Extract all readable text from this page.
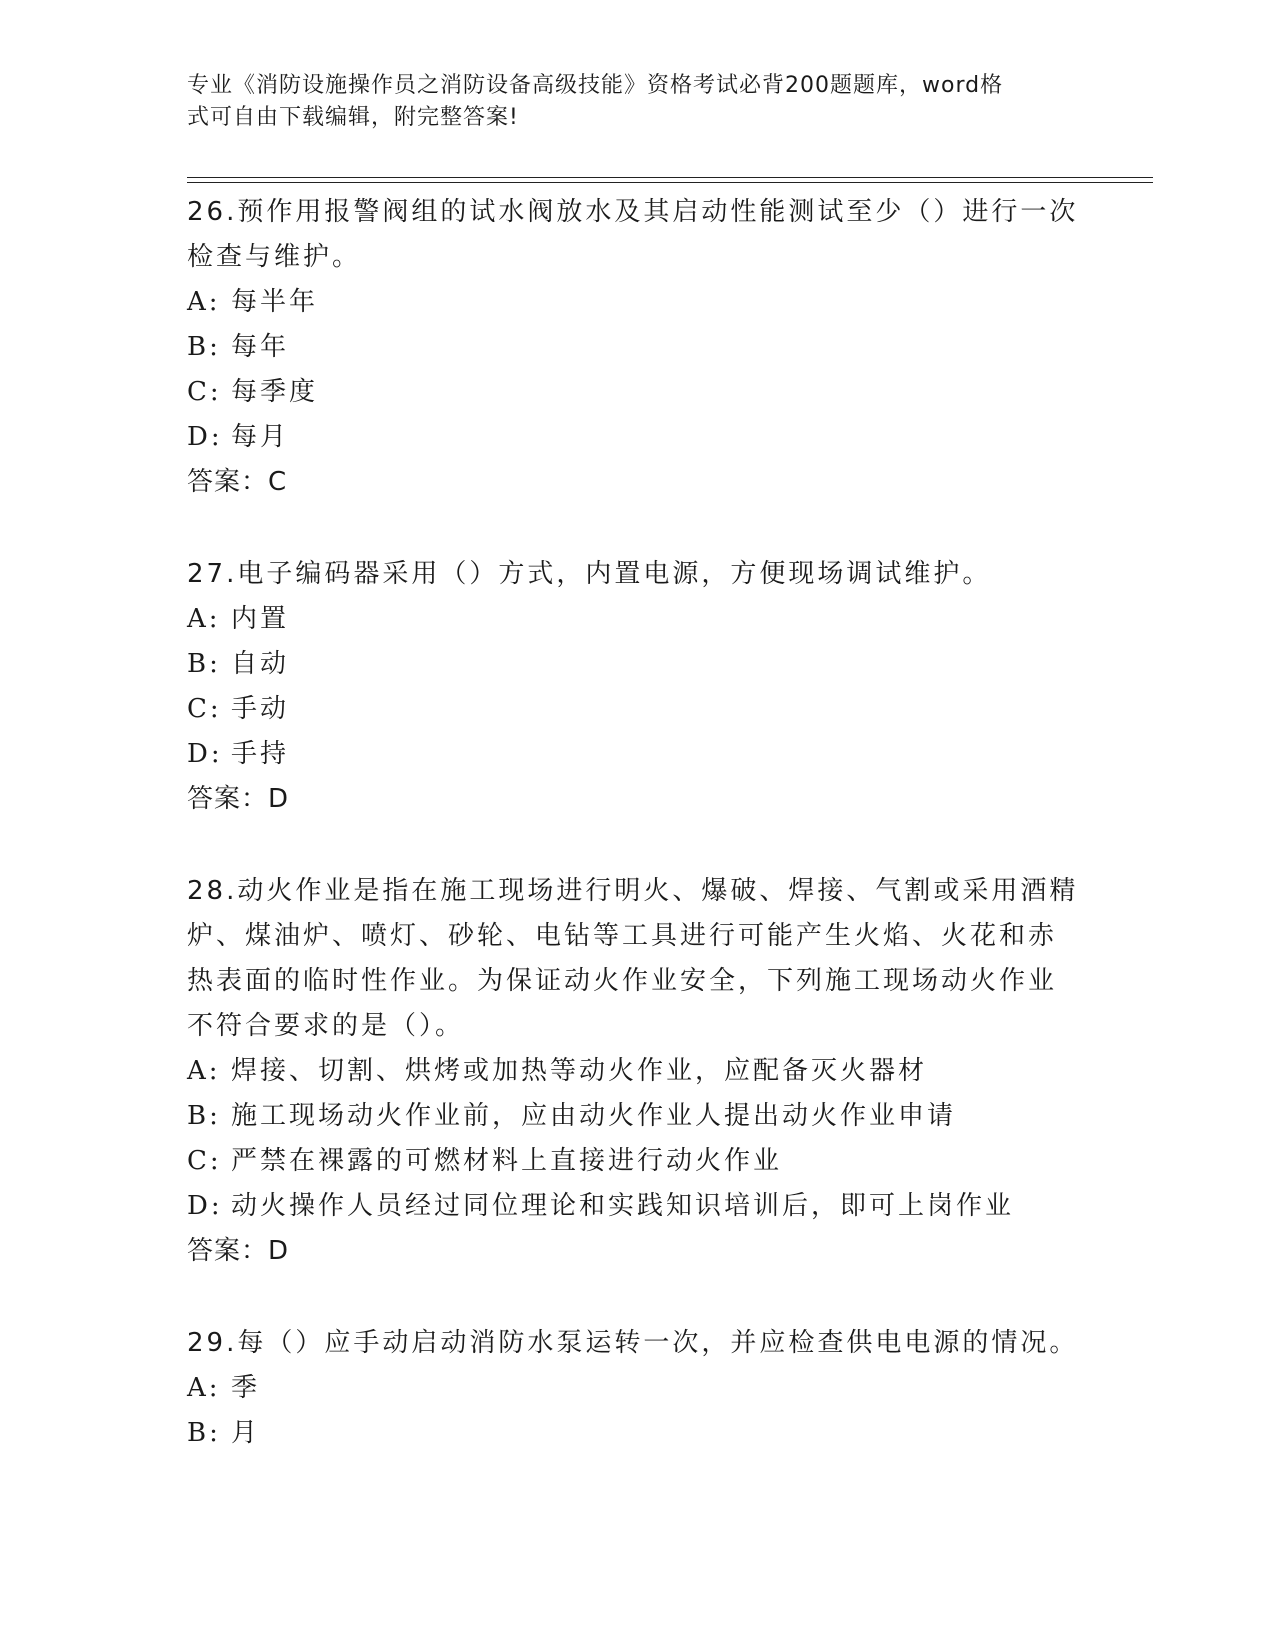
专业《消防设施操作员之消防设备高级技能》资格考试必背200题题库，word格

式可自由下载编辑，附完整答案!

26.预作用报警阀组的试水阀放水及其启动性能测试至少（）进行一次

检查与维护。

A: 每半年

B: 每年

C: 每季度

D: 每月

答案：C

27.电子编码器采用（）方式，内置电源，方便现场调试维护。

A: 内置

B: 自动

C: 手动

D: 手持

答案：D

28.动火作业是指在施工现场进行明火、爆破、焊接、气割或采用酒精

炉、煤油炉、喷灯、砂轮、电钻等工具进行可能产生火焰、火花和赤

热表面的临时性作业。为保证动火作业安全，下列施工现场动火作业

不符合要求的是（）。

A: 焊接、切割、烘烤或加热等动火作业，应配备灭火器材

B: 施工现场动火作业前，应由动火作业人提出动火作业申请

C: 严禁在裸露的可燃材料上直接进行动火作业

D: 动火操作人员经过同位理论和实践知识培训后，即可上岗作业

答案：D

29.每（）应手动启动消防水泵运转一次，并应检查供电电源的情况。

A: 季

B: 月
